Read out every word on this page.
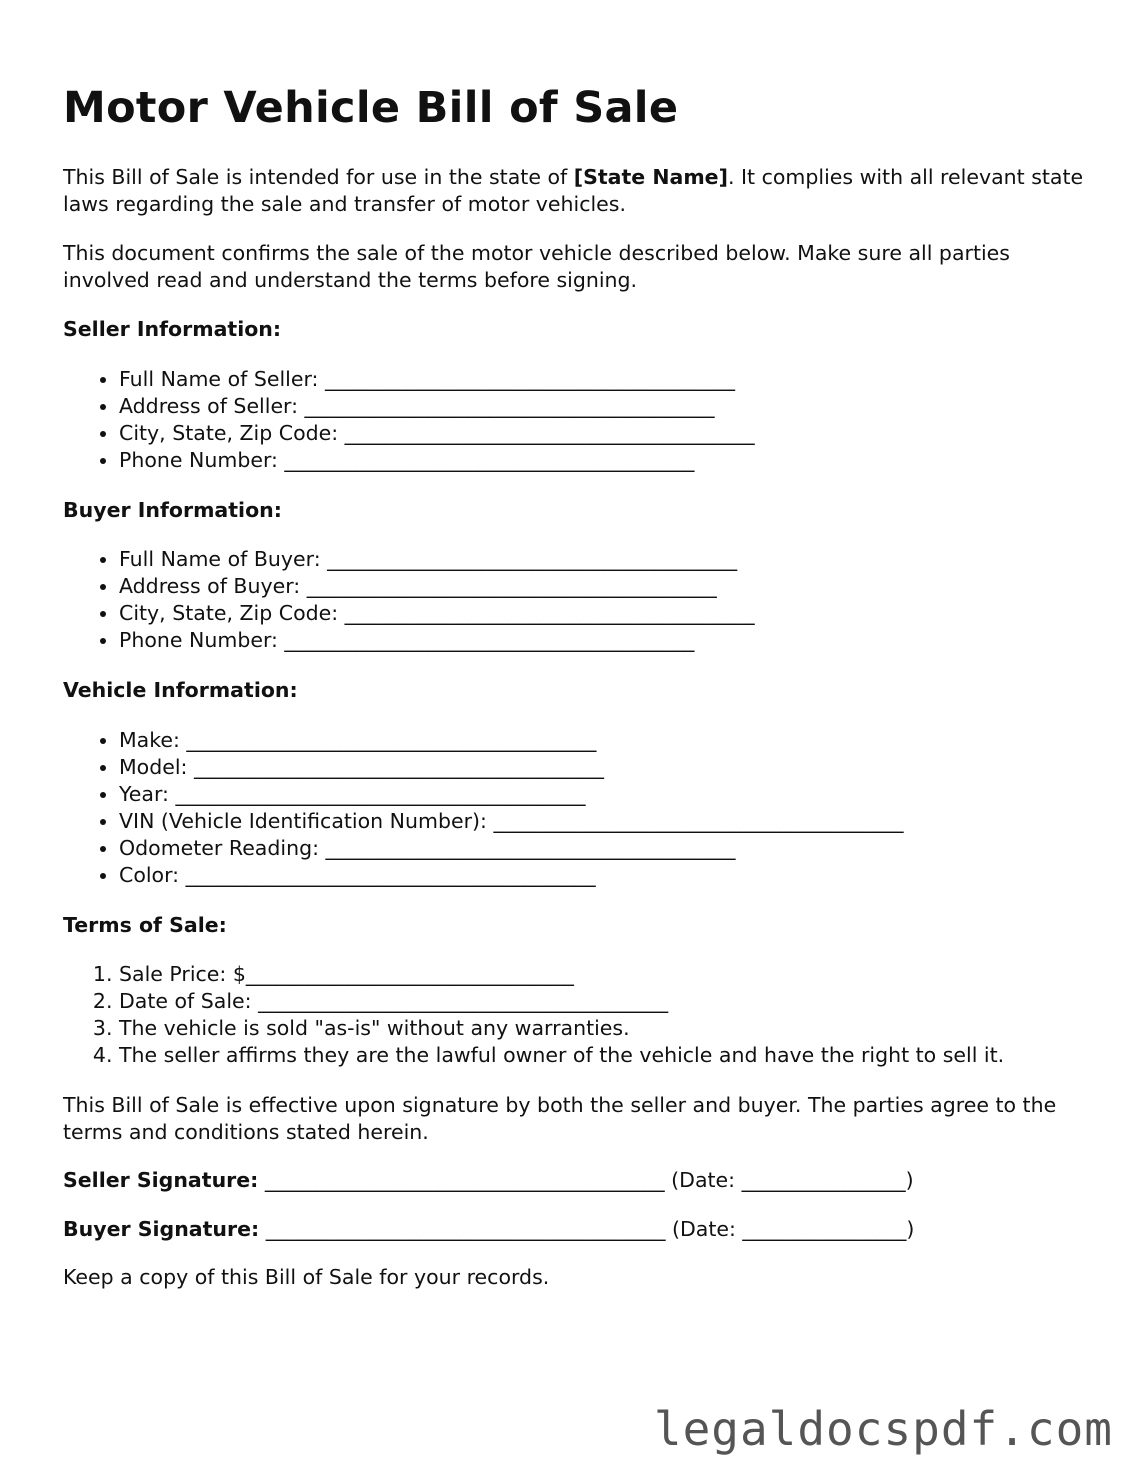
Motor Vehicle Bill of Sale

This Bill of Sale is intended for use in the state of [State Name]. It complies with all relevant state laws regarding the sale and transfer of motor vehicles.

This document confirms the sale of the motor vehicle described below. Make sure all parties involved read and understand the terms before signing.

Seller Information:
• Full Name of Seller: ________________________________________
• Address of Seller: ________________________________________
• City, State, Zip Code: ________________________________________
• Phone Number: ________________________________________
Buyer Information:
• Full Name of Buyer: ________________________________________
• Address of Buyer: ________________________________________
• City, State, Zip Code: ________________________________________
• Phone Number: ________________________________________
Vehicle Information:
• Make: ________________________________________
• Model: ________________________________________
• Year: ________________________________________
• VIN (Vehicle Identification Number): ________________________________________
• Odometer Reading: ________________________________________
• Color: ________________________________________
Terms of Sale:
1. Sale Price: $________________________________
2. Date of Sale: ________________________________________
3. The vehicle is sold "as-is" without any warranties.
4. The seller affirms they are the lawful owner of the vehicle and have the right to sell it.

This Bill of Sale is effective upon signature by both the seller and buyer. The parties agree to the terms and conditions stated herein.

Seller Signature: _______________________________________ (Date: ________________)

Buyer Signature: _______________________________________ (Date: ________________)

Keep a copy of this Bill of Sale for your records.

legaldocspdf.com
